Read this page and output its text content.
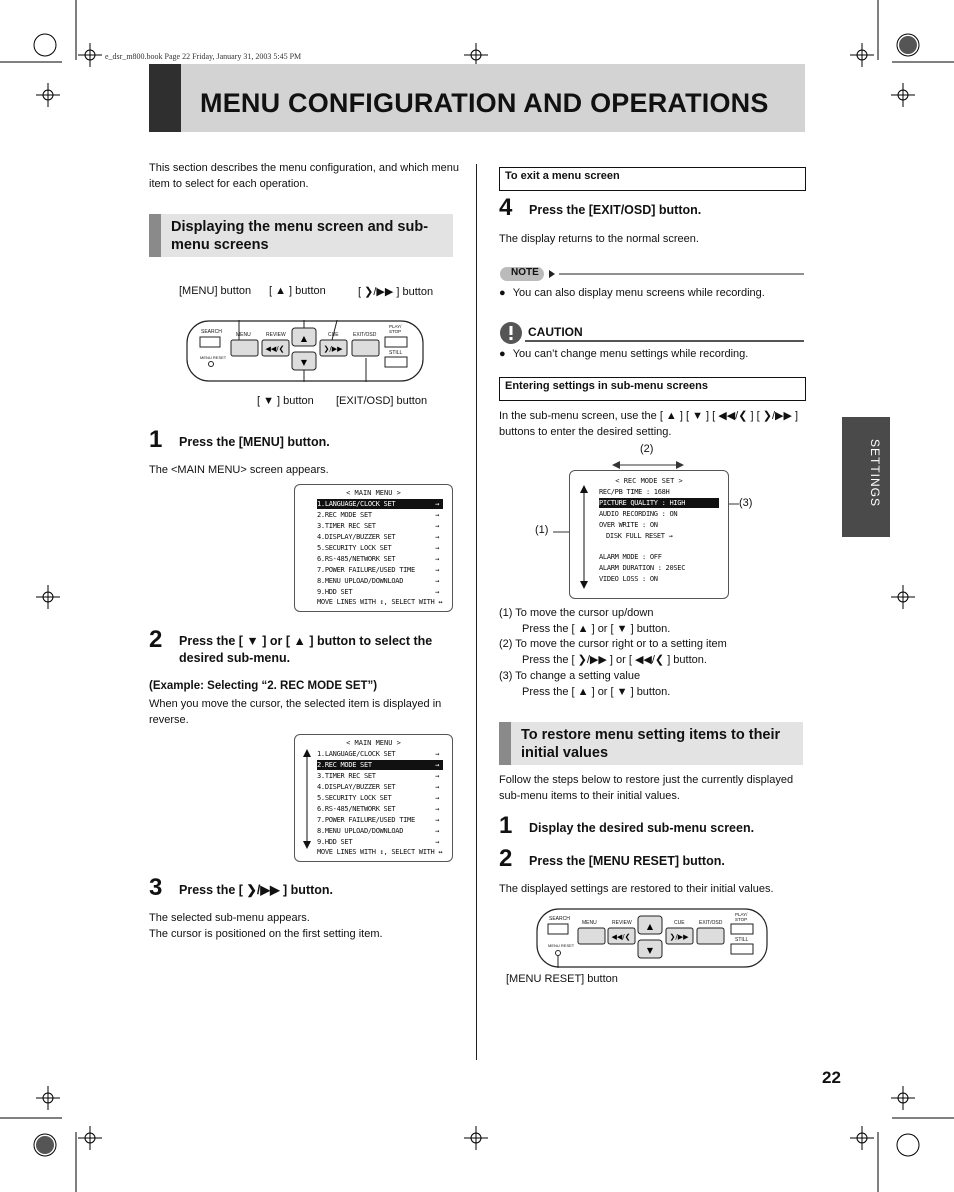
e_dsr_m800.book Page 22 Friday, January 31, 2003 5:45 PM
MENU CONFIGURATION AND OPERATIONS
This section describes the menu configuration, and which menu item to select for each operation.
Displaying the menu screen and sub-menu screens
[MENU] button [ ▲ ] button	[ ❯/▶▶ ] button
[ ▼ ] button [EXIT/OSD] button
▲
▼
◀◀/❮	❯/▶▶
SEARCH	MENU	REVIEW	CUE	EXIT/OSD
PLAY/ STOP
STILL
MENU RESET
1 Press the [MENU] button.
The <MAIN MENU> screen appears.
< MAIN MENU >
1.LANGUAGE/CLOCK SET	→
2.REC MODE SET	→
3.TIMER REC SET	→
4.DISPLAY/BUZZER SET	→
5.SECURITY LOCK SET	→
6.RS-485/NETWORK SET	→
7.POWER FAILURE/USED TIME	→
8.MENU UPLOAD/DOWNLOAD	→
9.HDD SET	→
MOVE LINES WITH ↕, SELECT WITH ↔
2 Press the [ ▼ ] or [ ▲ ] button to select the desired sub-menu.
(Example: Selecting “2. REC MODE SET”)
When you move the cursor, the selected item is displayed in reverse.
< MAIN MENU >
1.LANGUAGE/CLOCK SET	→
2.REC MODE SET	→
3.TIMER REC SET	→
4.DISPLAY/BUZZER SET	→
5.SECURITY LOCK SET	→
6.RS-485/NETWORK SET	→
7.POWER FAILURE/USED TIME	→
8.MENU UPLOAD/DOWNLOAD	→
9.HDD SET	→
MOVE LINES WITH ↕, SELECT WITH ↔
3 Press the [ ❯/▶▶ ] button.
The selected sub-menu appears.
The cursor is positioned on the first setting item.
To exit a menu screen
4 Press the [EXIT/OSD] button.
The display returns to the normal screen.
NOTE
● You can also display menu screens while recording.
CAUTION
● You can’t change menu settings while recording.
Entering settings in sub-menu screens
In the sub-menu screen, use the [ ▲ ] [ ▼ ] [ ◀◀/❮ ] [ ❯/▶▶ ] buttons to enter the desired setting.
(2)
(1)
(3)
< REC MODE SET >
REC/PB TIME : 168H
PICTURE QUALITY : HIGH
AUDIO RECORDING : ON
OVER WRITE : ON
DISK FULL RESET →
ALARM MODE : OFF
ALARM DURATION : 20SEC
VIDEO LOSS : ON
(1) To move the cursor up/down
Press the [ ▲ ] or [ ▼ ] button.
(2) To move the cursor right or to a setting item
Press the [ ❯/▶▶ ] or [ ◀◀/❮ ] button.
(3) To change a setting value
Press the [ ▲ ] or [ ▼ ] button.
To restore menu setting items to their initial values
Follow the steps below to restore just the currently displayed sub-menu items to their initial values.
1 Display the desired sub-menu screen.
2 Press the [MENU RESET] button.
The displayed settings are restored to their initial values.
▲
▼
◀◀/❮	❯/▶▶
SEARCH
MENU	REVIEW	CUE	EXIT/OSD
PLAY/ STOP
STILL
MENU RESET
[MENU RESET] button
SETTINGS
22
